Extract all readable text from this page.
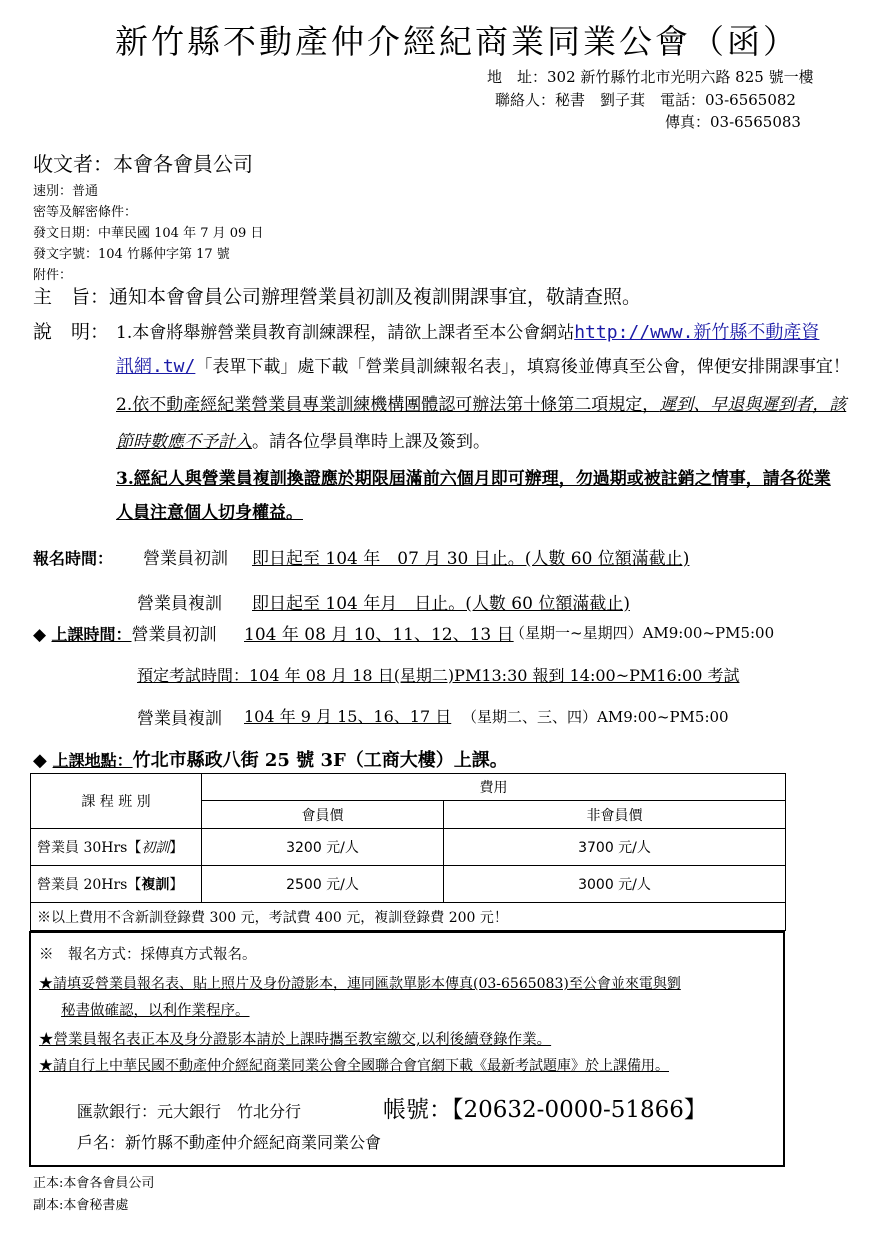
新竹縣不動產仲介經紀商業同業公會（函）
地　址：302 新竹縣竹北市光明六路 825 號一樓
聯絡人：秘書　劉子萁　電話：03-6565082
傳真：03-6565083
收文者：本會各會員公司
速別：普通
密等及解密條件：
發文日期：中華民國 104 年 7 月 09 日
發文字號：104 竹縣仲字第 17 號
附件：
主　旨：通知本會會員公司辦理營業員初訓及複訓開課事宜，敬請查照。
說　明： 1.本會將舉辦營業員教育訓練課程，請欲上課者至本公會網站http://www.新竹縣不動產資
訊網.tw/「表單下載」處下載「營業員訓練報名表」，填寫後並傳真至公會，俾便安排開課事宜！
2.依不動產經紀業營業員專業訓練機構團體認可辦法第十條第二項規定，遲到、早退與遲到者，該
節時數應不予計入。請各位學員準時上課及簽到。
3.經紀人與營業員複訓換證應於期限屆滿前六個月即可辦理，勿過期或被註銷之情事，請各從業
人員注意個人切身權益。
報名時間： 營業員初訓 即日起至 104 年　07 月 30 日止。(人數 60 位額滿截止)
營業員複訓 即日起至 104 年月　日止。(人數 60 位額滿截止)
◆ 上課時間：營業員初訓 104 年 08 月 10、11、12、13 日
（星期一~星期四）AM9:00~PM5:00
預定考試時間：104 年 08 月 18 日(星期二)PM13:30 報到 14:00~PM16:00 考試
營業員複訓 104 年 9 月 15、16、17 日 （星期二、三、四）AM9:00~PM5:00
◆ 上課地點：竹北市縣政八街 25 號 3F（工商大樓）上課。
課 程 班 別	費用	
	會員價	非會員價
營業員 30Hrs【初訓】	3200 元/人	3700 元/人
營業員 20Hrs【複訓】	2500 元/人	3000 元/人
※以上費用不含新訓登錄費 300 元，考試費 400 元，複訓登錄費 200 元！		
※　報名方式：採傳真方式報名。
★請填妥營業員報名表、貼上照片及身份證影本，連同匯款單影本傳真(03-6565083)至公會並來電與劉
秘書做確認，以利作業程序。
★營業員報名表正本及身分證影本請於上課時攜至教室繳交,以利後續登錄作業。
★請自行上中華民國不動產仲介經紀商業同業公會全國聯合會官網下載《最新考試題庫》於上課備用。
匯款銀行：元大銀行　竹北分行	帳號：【20632-0000-51866】
戶名：新竹縣不動產仲介經紀商業同業公會
正本:本會各會員公司
副本:本會秘書處
